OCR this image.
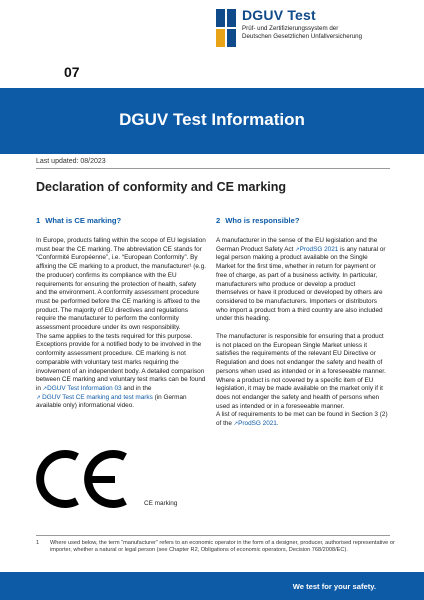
DGUV Test
Prüf- und Zertifizierungssystem der
Deutschen Gesetzlichen Unfallversicherung
07
DGUV Test Information
Last updated: 08/2023
Declaration of conformity and CE marking
1 What is CE marking?

In Europe, products falling within the scope of EU legislation must bear the CE marking. The abbreviation CE stands for “Conformité Européenne”, i.e. “European Conformity”. By affixing the CE marking to a product, the manufacturer¹ (e.g. the producer) confirms its compliance with the EU requirements for ensuring the protection of health, safety and the environment. A conformity assessment procedure must be performed before the CE marking is affixed to the product. The majority of EU directives and regulations require the manufacturer to perform the conformity assessment procedure under its own responsibility.

The same applies to the tests required for this purpose. Exceptions provide for a notified body to be involved in the conformity assessment procedure. CE marking is not comparable with voluntary test marks requiring the involvement of an independent body. A detailed comparison between CE marking and voluntary test marks can be found in ↗DGUV Test Information 03 and in the
↗ DGUV Test CE marking and test marks (in German available only) informational video.

CE marking
2 Who is responsible?

A manufacturer in the sense of the EU legislation and the German Product Safety Act ↗ProdSG 2021 is any natural or legal person making a product available on the Single Market for the first time, whether in return for payment or free of charge, as part of a business activity. In particular, manufacturers who produce or develop a product themselves or have it produced or developed by others are considered to be manufacturers. Importers or distributors who import a product from a third country are also included under this heading.

The manufacturer is responsible for ensuring that a product is not placed on the European Single Market unless it satisfies the requirements of the relevant EU Directive or Regulation and does not endanger the safety and health of persons when used as intended or in a foreseeable manner. Where a product is not covered by a specific item of EU legislation, it may be made available on the market only if it does not endanger the safety and health of persons when used as intended or in a foreseeable manner.

A list of requirements to be met can be found in Section 3 (2) of the ↗ProdSG 2021.

1	Where used below, the term “manufacturer” refers to an economic operator in the form of a designer, producer, authorised representative or importer, whether a natural or legal person (see Chapter R2, Obligations of economic operators, Decision 768/2008/EC).
We test for your safety.
